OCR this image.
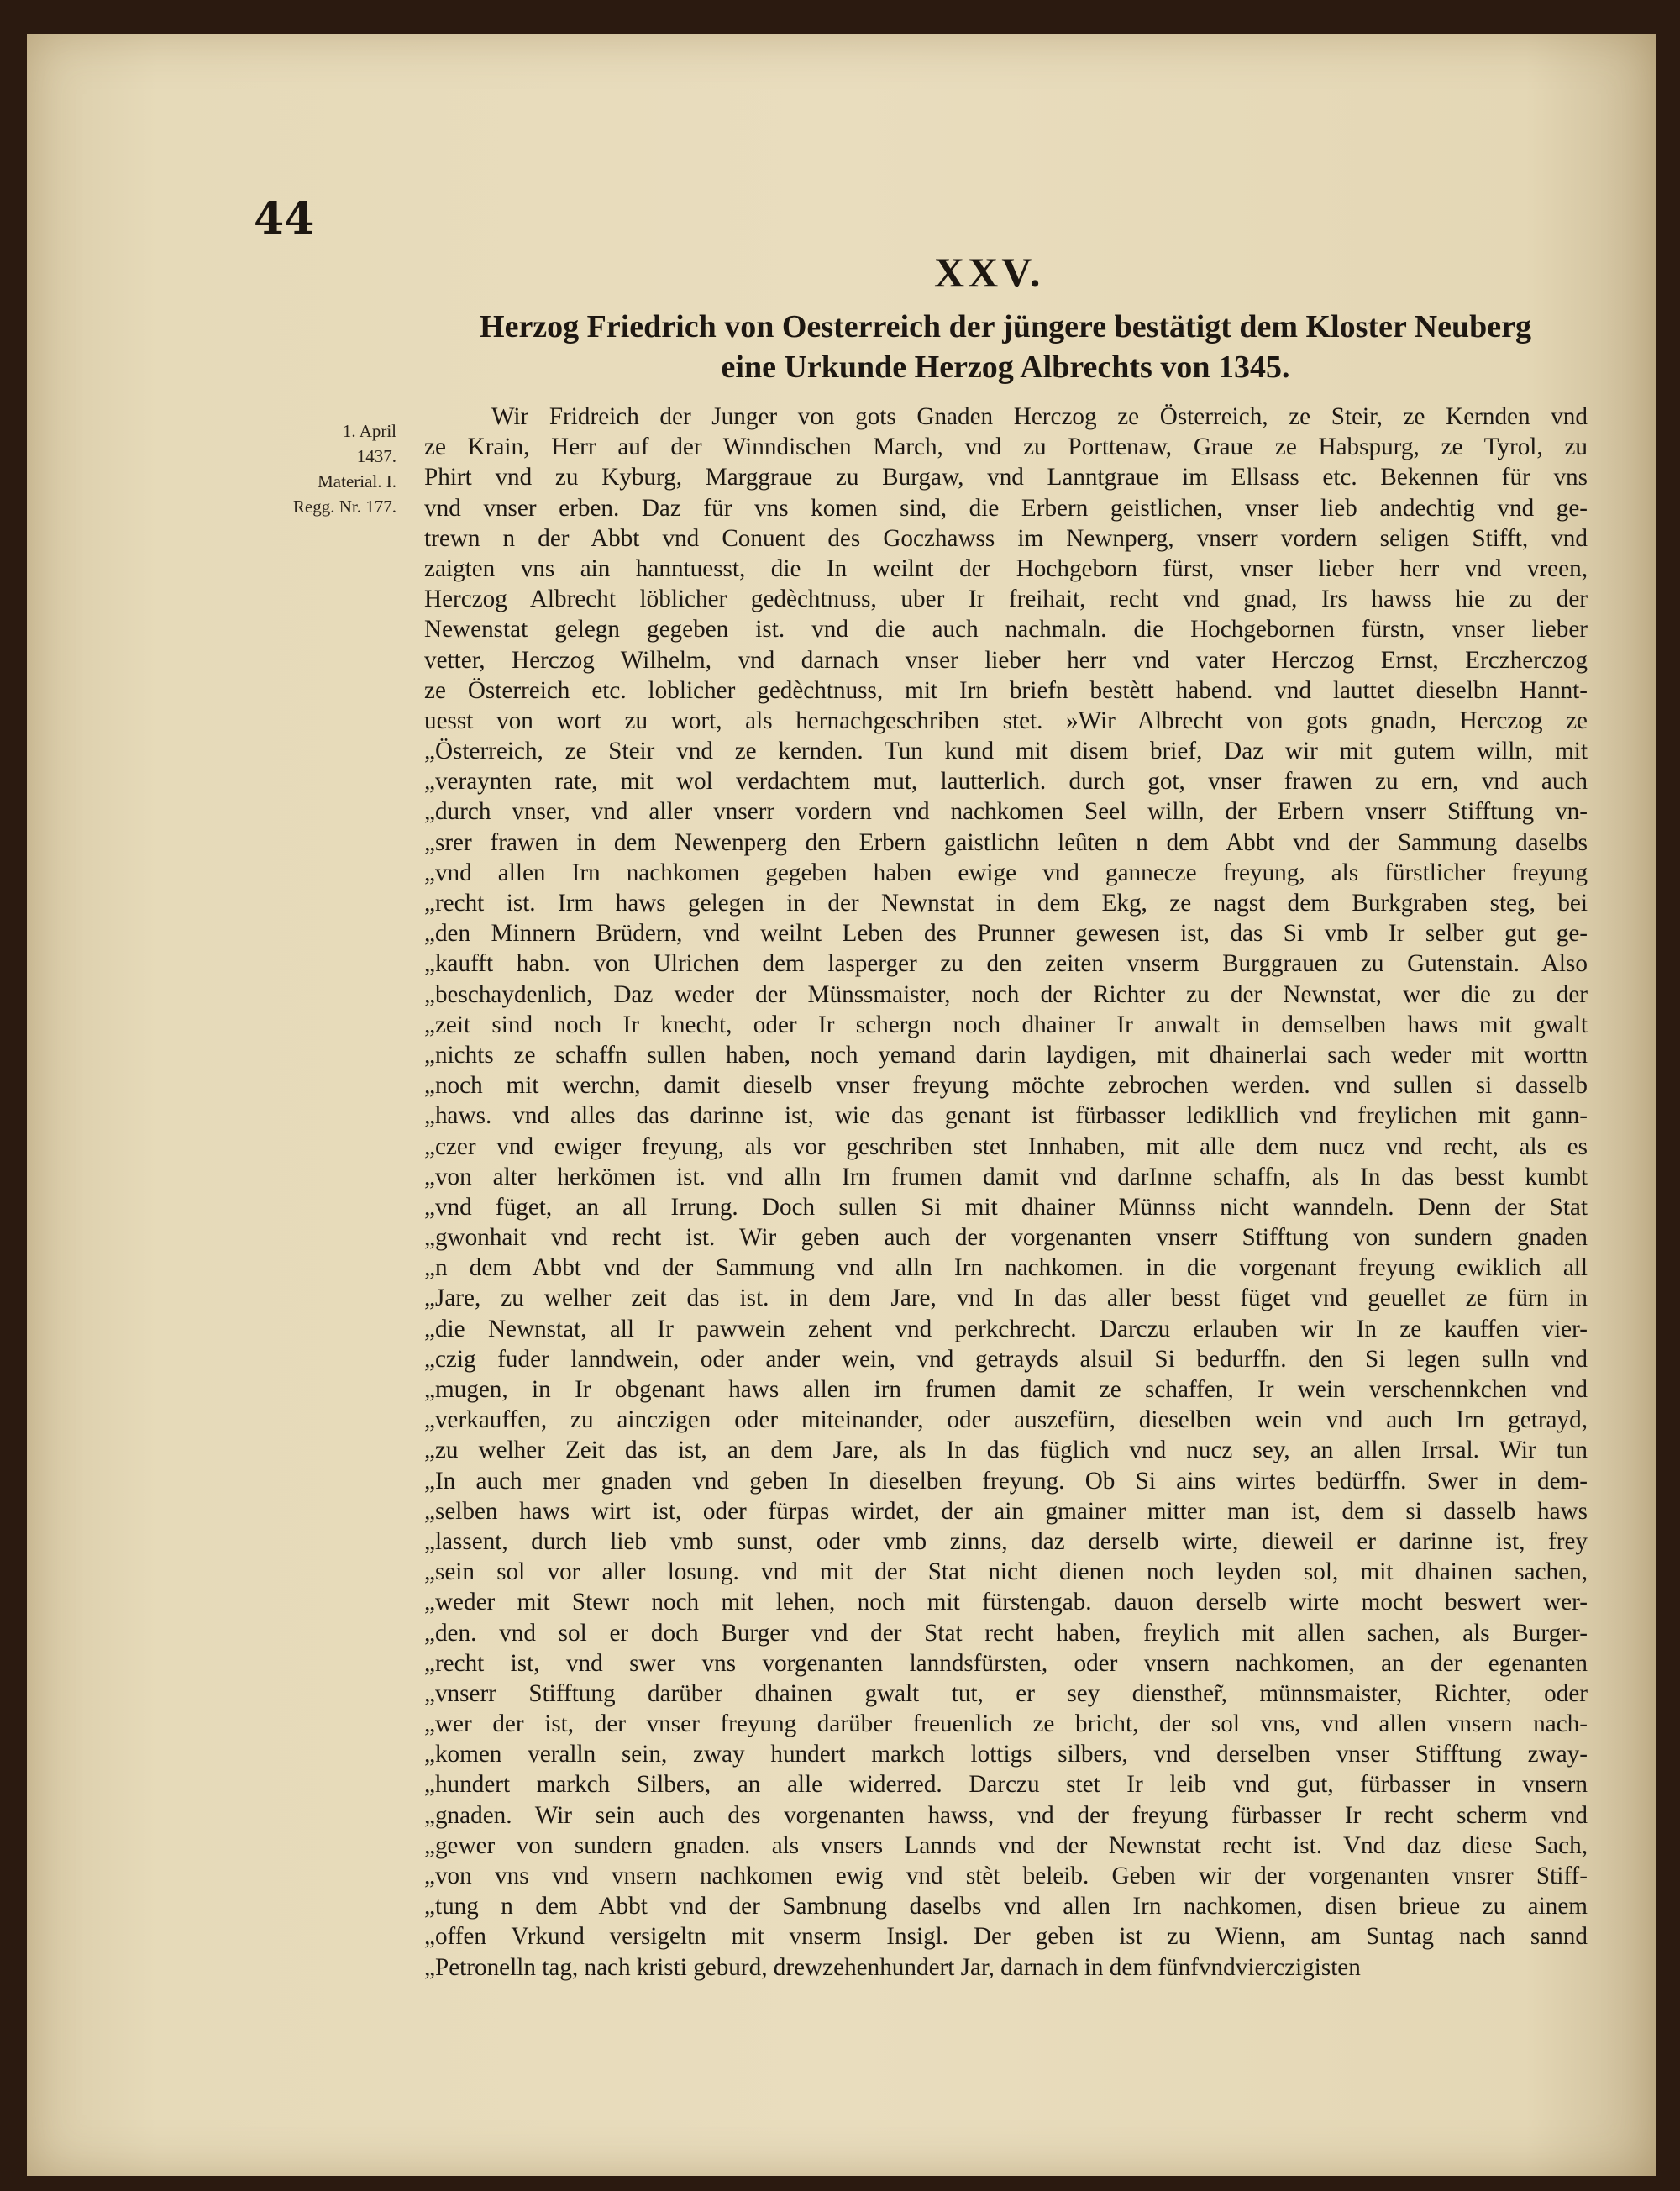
44
XXV.
Herzog Friedrich von Oesterreich der jüngere bestätigt dem Kloster Neuberg
eine Urkunde Herzog Albrechts von 1345.
1. April
1437.
Material. I.
Regg. Nr. 177.
Wir Fridreich der Junger von gots Gnaden Herczog ze Österreich, ze Steir, ze Kernden vnd
ze Krain, Herr auf der Winndischen March, vnd zu Porttenaw, Graue ze Habspurg, ze Tyrol, zu
Phirt vnd zu Kyburg, Marggraue zu Burgaw, vnd Lanntgraue im Ellsass etc. Bekennen für vns
vnd vnser erben. Daz für vns komen sind, die Erbern geistlichen, vnser lieb andechtig vnd ge-
trewn n der Abbt vnd Conuent des Goczhawss im Newnperg, vnserr vordern seligen Stifft, vnd
zaigten vns ain hanntuesst, die In weilnt der Hochgeborn fürst, vnser lieber herr vnd vreen,
Herczog Albrecht löblicher gedèchtnuss, uber Ir freihait, recht vnd gnad, Irs hawss hie zu der
Newenstat gelegn gegeben ist. vnd die auch nachmaln. die Hochgebornen fürstn, vnser lieber
vetter, Herczog Wilhelm, vnd darnach vnser lieber herr vnd vater Herczog Ernst, Erczherczog
ze Österreich etc. loblicher gedèchtnuss, mit Irn briefn bestètt habend. vnd lauttet dieselbn Hannt-
uesst von wort zu wort, als hernachgeschriben stet. »Wir Albrecht von gots gnadn, Herczog ze
„Österreich, ze Steir vnd ze kernden. Tun kund mit disem brief, Daz wir mit gutem willn, mit
„veraynten rate, mit wol verdachtem mut, lautterlich. durch got, vnser frawen zu ern, vnd auch
„durch vnser, vnd aller vnserr vordern vnd nachkomen Seel willn, der Erbern vnserr Stifftung vn-
„srer frawen in dem Newenperg den Erbern gaistlichn leûten n dem Abbt vnd der Sammung daselbs
„vnd allen Irn nachkomen gegeben haben ewige vnd gannecze freyung, als fürstlicher freyung
„recht ist. Irm haws gelegen in der Newnstat in dem Ekg, ze nagst dem Burkgraben steg, bei
„den Minnern Brüdern, vnd weilnt Leben des Prunner gewesen ist, das Si vmb Ir selber gut ge-
„kaufft habn. von Ulrichen dem lasperger zu den zeiten vnserm Burggrauen zu Gutenstain. Also
„beschaydenlich, Daz weder der Münssmaister, noch der Richter zu der Newnstat, wer die zu der
„zeit sind noch Ir knecht, oder Ir schergn noch dhainer Ir anwalt in demselben haws mit gwalt
„nichts ze schaffn sullen haben, noch yemand darin laydigen, mit dhainerlai sach weder mit worttn
„noch mit werchn, damit dieselb vnser freyung möchte zebrochen werden. vnd sullen si dasselb
„haws. vnd alles das darinne ist, wie das genant ist fürbasser ledikllich vnd freylichen mit gann-
„czer vnd ewiger freyung, als vor geschriben stet Innhaben, mit alle dem nucz vnd recht, als es
„von alter herkömen ist. vnd alln Irn frumen damit vnd darInne schaffn, als In das besst kumbt
„vnd füget, an all Irrung. Doch sullen Si mit dhainer Münnss nicht wanndeln. Denn der Stat
„gwonhait vnd recht ist. Wir geben auch der vorgenanten vnserr Stifftung von sundern gnaden
„n dem Abbt vnd der Sammung vnd alln Irn nachkomen. in die vorgenant freyung ewiklich all
„Jare, zu welher zeit das ist. in dem Jare, vnd In das aller besst füget vnd geuellet ze fürn in
„die Newnstat, all Ir pawwein zehent vnd perkchrecht. Darczu erlauben wir In ze kauffen vier-
„czig fuder lanndwein, oder ander wein, vnd getrayds alsuil Si bedurffn. den Si legen sulln vnd
„mugen, in Ir obgenant haws allen irn frumen damit ze schaffen, Ir wein verschennkchen vnd
„verkauffen, zu ainczigen oder miteinander, oder auszefürn, dieselben wein vnd auch Irn getrayd,
„zu welher Zeit das ist, an dem Jare, als In das füglich vnd nucz sey, an allen Irrsal. Wir tun
„In auch mer gnaden vnd geben In dieselben freyung. Ob Si ains wirtes bedürffn. Swer in dem-
„selben haws wirt ist, oder fürpas wirdet, der ain gmainer mitter man ist, dem si dasselb haws
„lassent, durch lieb vmb sunst, oder vmb zinns, daz derselb wirte, dieweil er darinne ist, frey
„sein sol vor aller losung. vnd mit der Stat nicht dienen noch leyden sol, mit dhainen sachen,
„weder mit Stewr noch mit lehen, noch mit fürstengab. dauon derselb wirte mocht beswert wer-
„den. vnd sol er doch Burger vnd der Stat recht haben, freylich mit allen sachen, als Burger-
„recht ist, vnd swer vns vorgenanten lanndsfürsten, oder vnsern nachkomen, an der egenanten
„vnserr Stifftung darüber dhainen gwalt tut, er sey diensther̃, münnsmaister, Richter, oder
„wer der ist, der vnser freyung darüber freuenlich ze bricht, der sol vns, vnd allen vnsern nach-
„komen veralln sein, zway hundert markch lottigs silbers, vnd derselben vnser Stifftung zway-
„hundert markch Silbers, an alle widerred. Darczu stet Ir leib vnd gut, fürbasser in vnsern
„gnaden. Wir sein auch des vorgenanten hawss, vnd der freyung fürbasser Ir recht scherm vnd
„gewer von sundern gnaden. als vnsers Lannds vnd der Newnstat recht ist. Vnd daz diese Sach,
„von vns vnd vnsern nachkomen ewig vnd stèt beleib. Geben wir der vorgenanten vnsrer Stiff-
„tung n dem Abbt vnd der Sambnung daselbs vnd allen Irn nachkomen, disen brieue zu ainem
„offen Vrkund versigeltn mit vnserm Insigl. Der geben ist zu Wienn, am Suntag nach sannd
„Petronelln tag, nach kristi geburd, drewzehenhundert Jar, darnach in dem fünfvndvierczigisten
